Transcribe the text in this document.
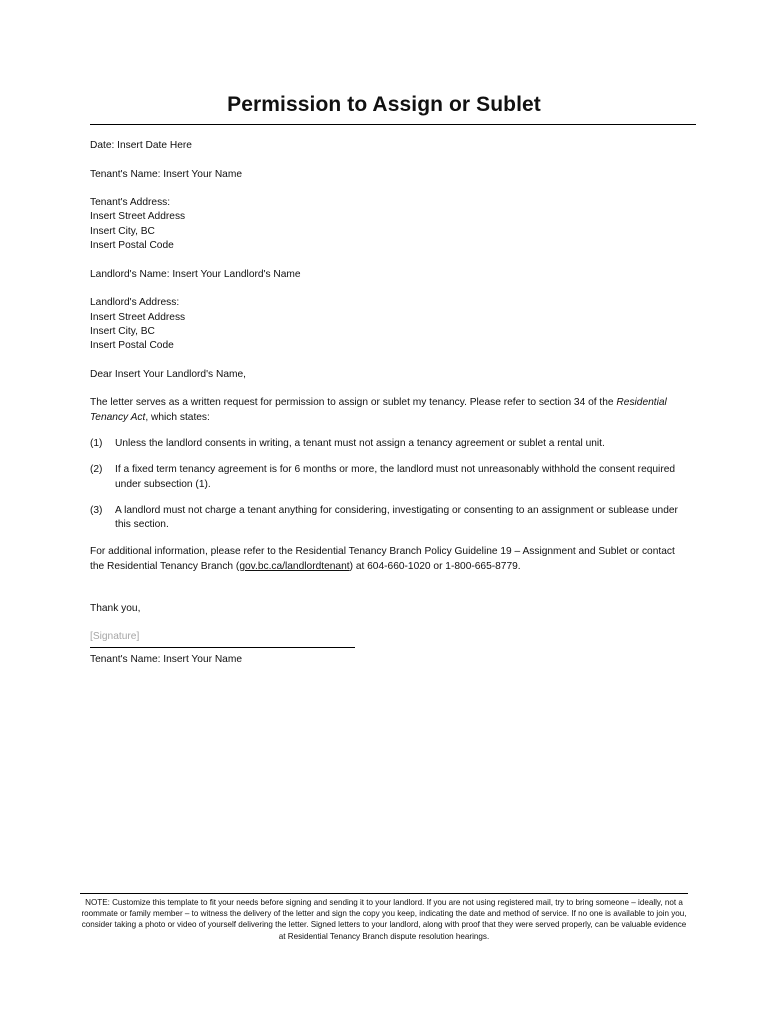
Permission to Assign or Sublet

Date: Insert Date Here

Tenant's Name: Insert Your Name

Tenant's Address:

Insert Street Address

Insert City, BC

Insert Postal Code

Landlord's Name: Insert Your Landlord's Name

Landlord's Address:

Insert Street Address

Insert City, BC

Insert Postal Code

Dear Insert Your Landlord's Name,

The letter serves as a written request for permission to assign or sublet my tenancy. Please refer to section 34 of the Residential Tenancy Act, which states:

(1)	Unless the landlord consents in writing, a tenant must not assign a tenancy agreement or sublet a rental unit.
(2)	If a fixed term tenancy agreement is for 6 months or more, the landlord must not unreasonably withhold the consent required under subsection (1).
(3)	A landlord must not charge a tenant anything for considering, investigating or consenting to an assignment or sublease under this section.

For additional information, please refer to the Residential Tenancy Branch Policy Guideline 19 – Assignment and Sublet or contact the Residential Tenancy Branch (gov.bc.ca/landlordtenant) at 604-660-1020 or 1-800-665-8779.

Thank you,

[Signature]

Tenant's Name: Insert Your Name

NOTE: Customize this template to fit your needs before signing and sending it to your landlord. If you are not using registered mail, try to bring someone – ideally, not a roommate or family member – to witness the delivery of the letter and sign the copy you keep, indicating the date and method of service. If no one is available to join you, consider taking a photo or video of yourself delivering the letter. Signed letters to your landlord, along with proof that they were served properly, can be valuable evidence at Residential Tenancy Branch dispute resolution hearings.
